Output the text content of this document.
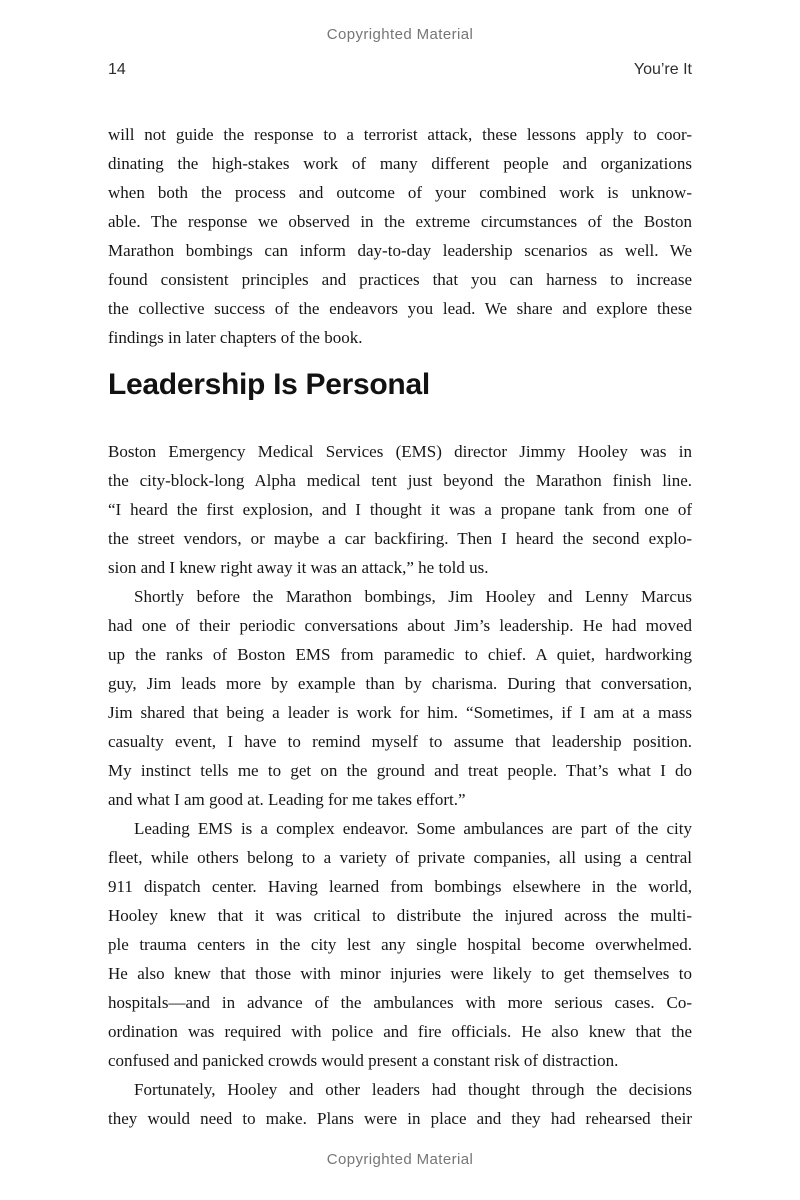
Copyrighted Material
14	You’re It
will not guide the response to a terrorist attack, these lessons apply to coor-
dinating the high-stakes work of many different people and organizations
when both the process and outcome of your combined work is unknow-
able. The response we observed in the extreme circumstances of the Boston
Marathon bombings can inform day-to-day leadership scenarios as well. We
found consistent principles and practices that you can harness to increase
the collective success of the endeavors you lead. We share and explore these
findings in later chapters of the book.
Leadership Is Personal
Boston Emergency Medical Services (EMS) director Jimmy Hooley was in
the city-block-long Alpha medical tent just beyond the Marathon finish line.
“I heard the first explosion, and I thought it was a propane tank from one of
the street vendors, or maybe a car backfiring. Then I heard the second explo-
sion and I knew right away it was an attack,” he told us.
Shortly before the Marathon bombings, Jim Hooley and Lenny Marcus
had one of their periodic conversations about Jim’s leadership. He had moved
up the ranks of Boston EMS from paramedic to chief. A quiet, hardworking
guy, Jim leads more by example than by charisma. During that conversation,
Jim shared that being a leader is work for him. “Sometimes, if I am at a mass
casualty event, I have to remind myself to assume that leadership position.
My instinct tells me to get on the ground and treat people. That’s what I do
and what I am good at. Leading for me takes effort.”
Leading EMS is a complex endeavor. Some ambulances are part of the city
fleet, while others belong to a variety of private companies, all using a central
911 dispatch center. Having learned from bombings elsewhere in the world,
Hooley knew that it was critical to distribute the injured across the multi-
ple trauma centers in the city lest any single hospital become overwhelmed.
He also knew that those with minor injuries were likely to get themselves to
hospitals—and in advance of the ambulances with more serious cases. Co-
ordination was required with police and fire officials. He also knew that the
confused and panicked crowds would present a constant risk of distraction.
Fortunately, Hooley and other leaders had thought through the decisions
they would need to make. Plans were in place and they had rehearsed their
Copyrighted Material
